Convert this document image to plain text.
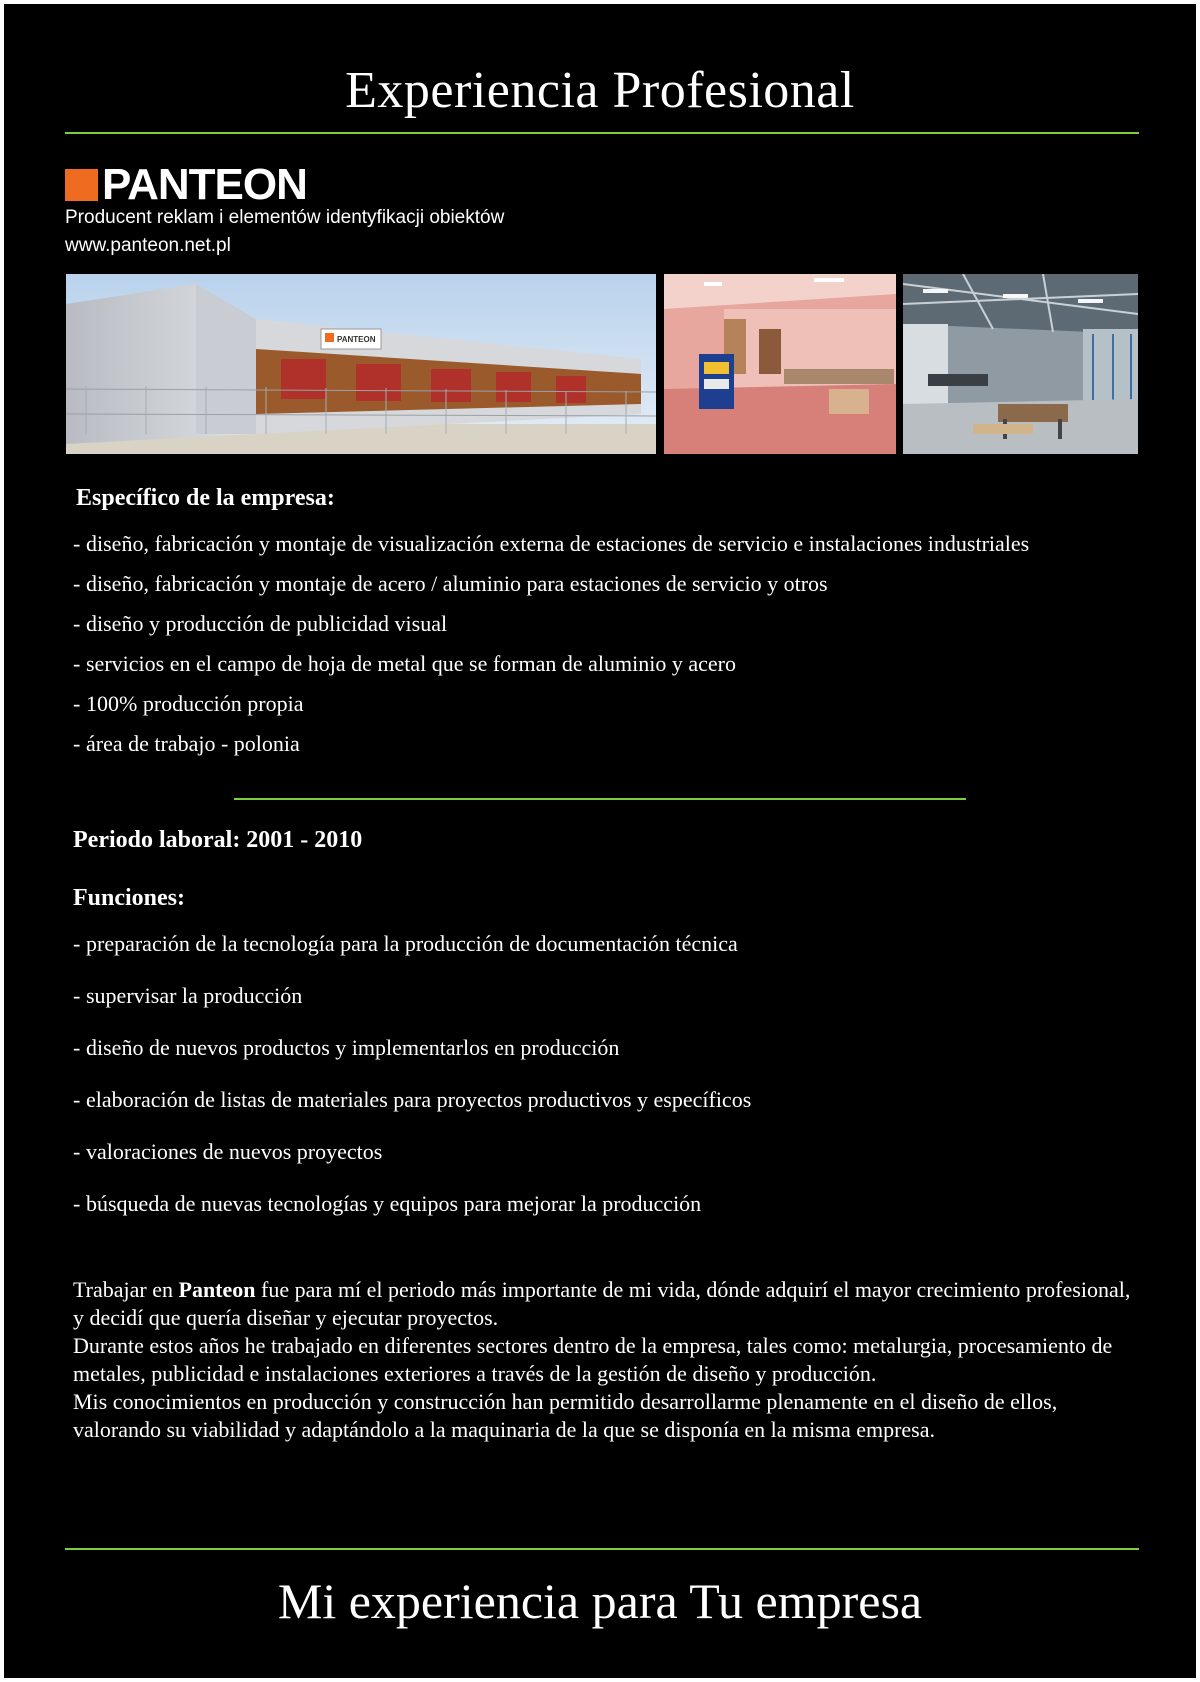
Experiencia Profesional
PANTEON
Producent reklam i elementów identyfikacji obiektów
www.panteon.net.pl
PANTEON
Específico de la empresa:
- diseño, fabricación y montaje de visualización externa de estaciones de servicio e instalaciones industriales
- diseño, fabricación y montaje de acero / aluminio para estaciones de servicio y otros
- diseño y producción de publicidad visual
- servicios en el campo de hoja de metal que se forman de aluminio y acero
- 100% producción propia
- área de trabajo - polonia
Periodo laboral: 2001 - 2010
Funciones:
- preparación de la tecnología para la producción de documentación técnica
- supervisar la producción
- diseño de nuevos productos y implementarlos en producción
- elaboración de listas de materiales para proyectos productivos y específicos
- valoraciones de nuevos proyectos
- búsqueda de nuevas tecnologías y equipos para mejorar la producción

Trabajar en Panteon fue para mí el periodo más importante de mi vida, dónde adquirí el mayor crecimiento profesional, y decidí que quería diseñar y ejecutar proyectos.

Durante estos años he trabajado en diferentes sectores dentro de la empresa, tales como: metalurgia, procesamiento de metales, publicidad e instalaciones exteriores a través de la gestión de diseño y producción.

Mis conocimientos en producción y construcción han permitido desarrollarme plenamente en el diseño de ellos, valorando su viabilidad y adaptándolo a la maquinaria de la que se disponía en la misma empresa.

Mi experiencia para Tu empresa
